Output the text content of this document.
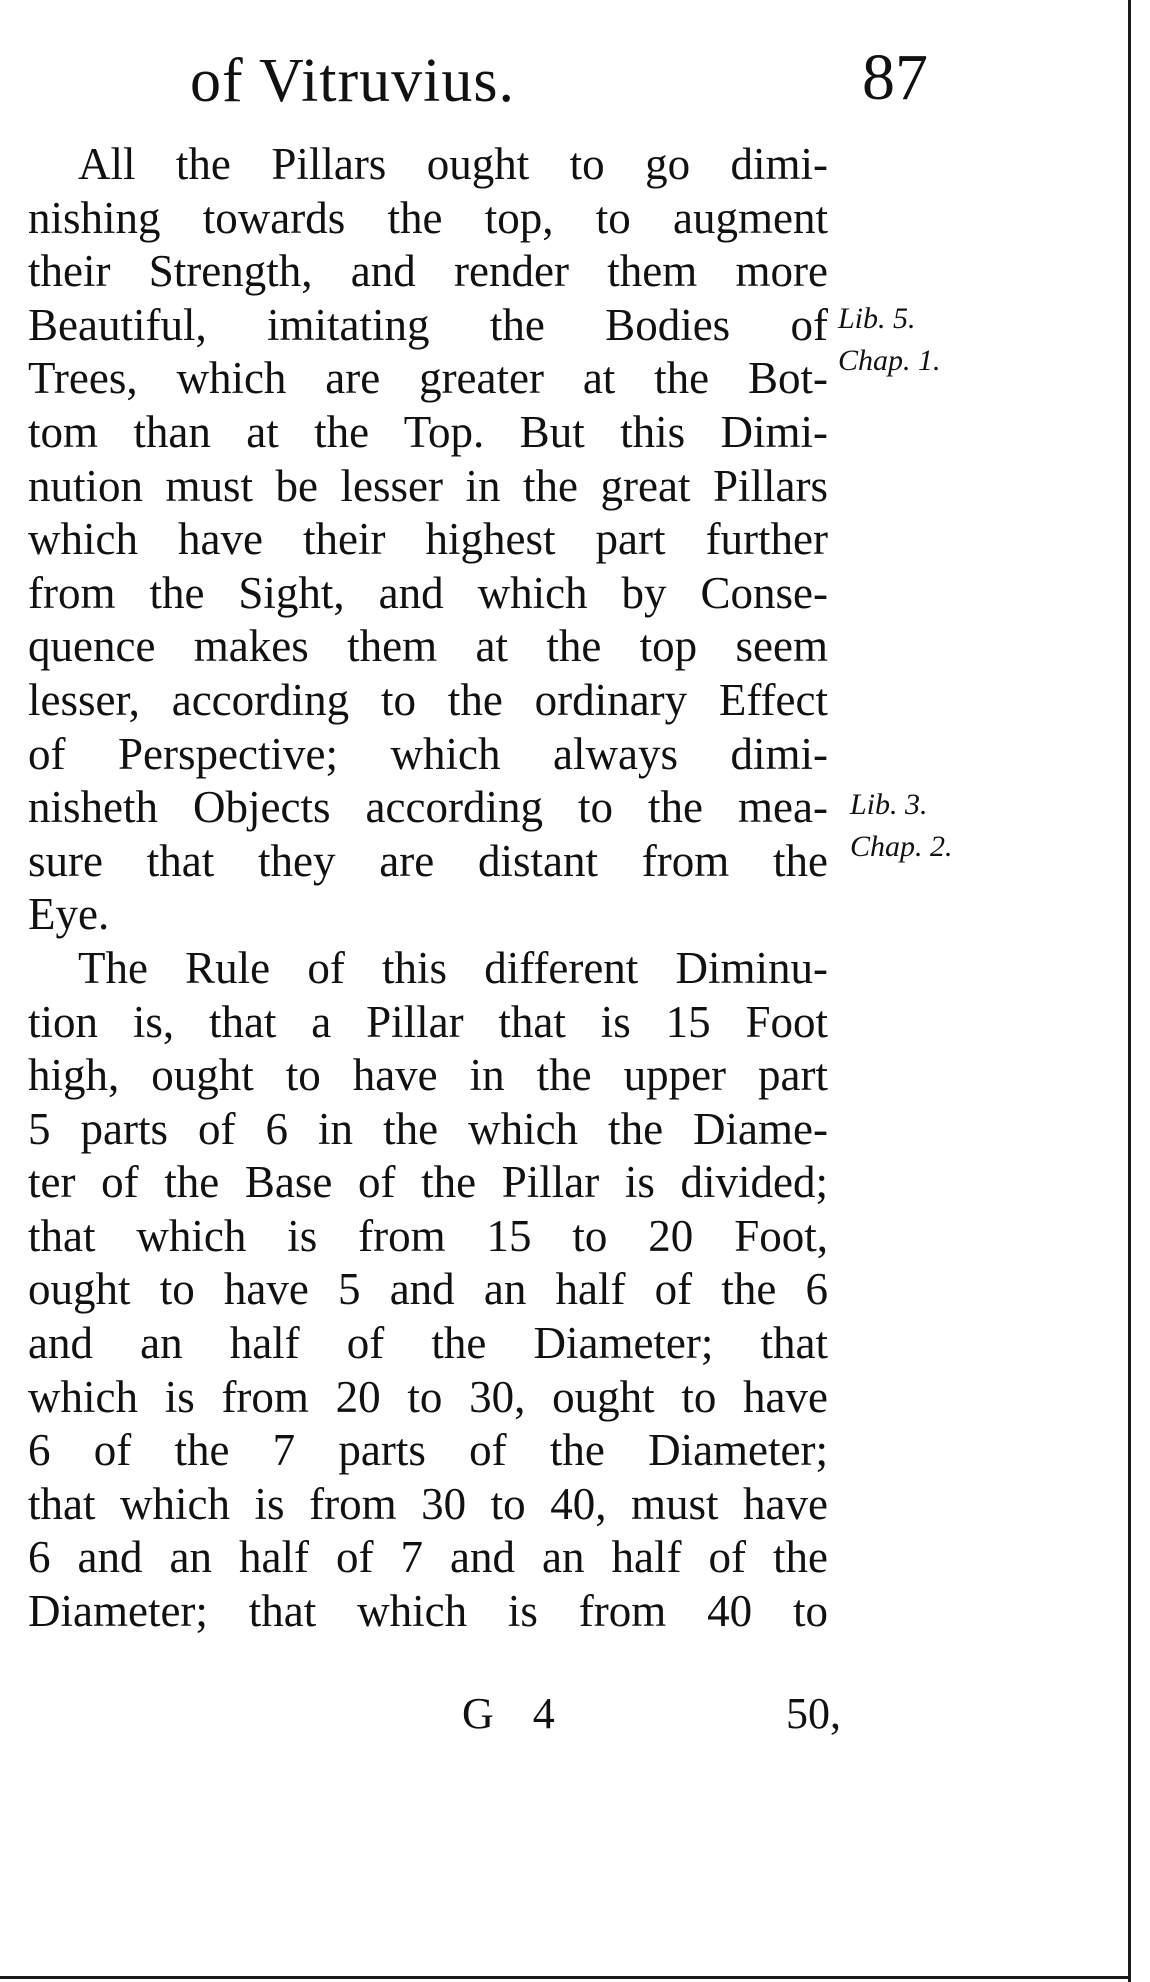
of Vitruvius.	87
All the Pillars ought to go dimi-
nishing towards the top, to augment
their Strength, and render them more
Beautiful, imitating the Bodies of
Trees, which are greater at the Bot-
tom than at the Top. But this Dimi-
nution must be lesser in the great Pillars
which have their highest part further
from the Sight, and which by Conse-
quence makes them at the top seem
lesser, according to the ordinary Effect
of Perspective; which always dimi-
nisheth Objects according to the mea-
sure that they are distant from the
Eye.
The Rule of this different Diminu-
tion is, that a Pillar that is 15 Foot
high, ought to have in the upper part
5 parts of 6 in the which the Diame-
ter of the Base of the Pillar is divided;
that which is from 15 to 20 Foot,
ought to have 5 and an half of the 6
and an half of the Diameter; that
which is from 20 to 30, ought to have
6 of the 7 parts of the Diameter;
that which is from 30 to 40, must have
6 and an half of 7 and an half of the
Diameter; that which is from 40 to
Lib. 5.
Chap. 1.
Lib. 3.
Chap. 2.
G 4	50,
